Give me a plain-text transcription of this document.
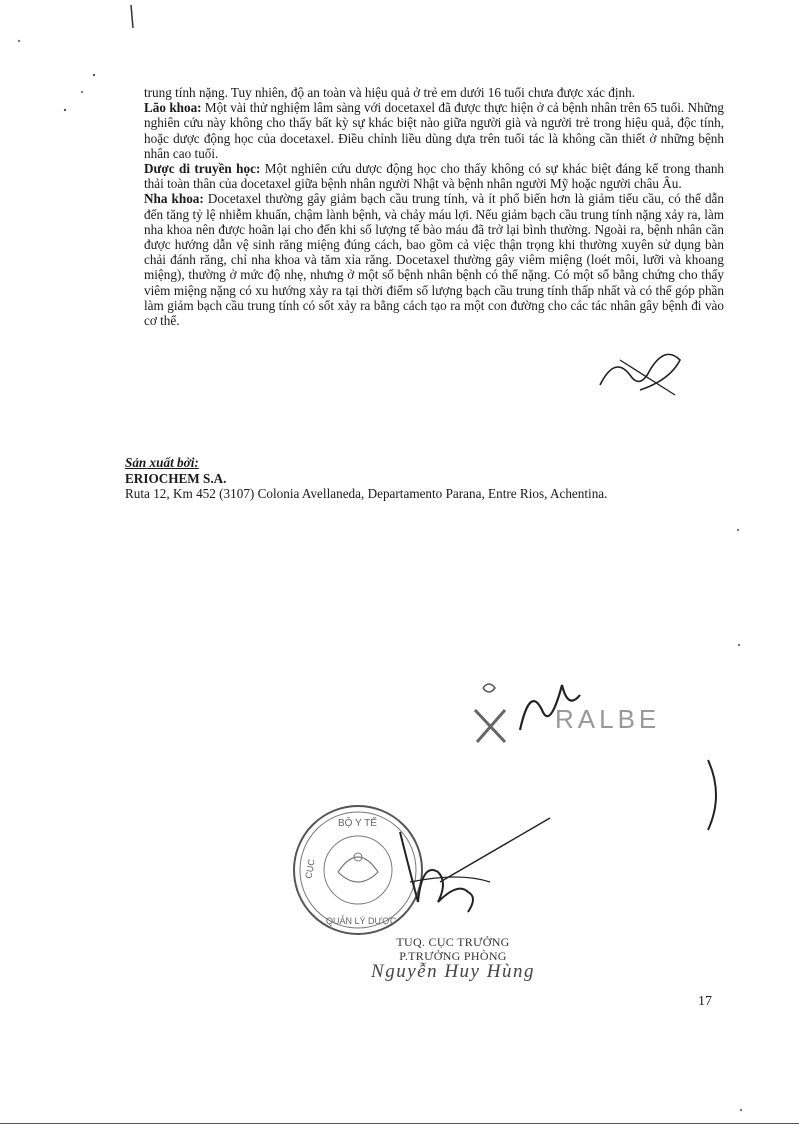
trung tính nặng. Tuy nhiên, độ an toàn và hiệu quả ở trẻ em dưới 16 tuổi chưa được xác định.

Lão khoa: Một vài thử nghiệm lâm sàng với docetaxel đã được thực hiện ở cả bệnh nhân trên 65 tuổi. Những nghiên cứu này không cho thấy bất kỳ sự khác biệt nào giữa người già và người trẻ trong hiệu quả, độc tính, hoặc dược động học của docetaxel. Điều chỉnh liều dùng dựa trên tuổi tác là không cần thiết ở những bệnh nhân cao tuổi.

Dược di truyền học: Một nghiên cứu dược động học cho thấy không có sự khác biệt đáng kể trong thanh thải toàn thân của docetaxel giữa bệnh nhân người Nhật và bệnh nhân người Mỹ hoặc người châu Âu.

Nha khoa: Docetaxel thường gây giảm bạch cầu trung tính, và ít phổ biến hơn là giảm tiểu cầu, có thể dẫn đến tăng tỷ lệ nhiễm khuẩn, chậm lành bệnh, và chảy máu lợi. Nếu giảm bạch cầu trung tính nặng xảy ra, làm nha khoa nên được hoãn lại cho đến khi số lượng tế bào máu đã trở lại bình thường. Ngoài ra, bệnh nhân cần được hướng dẫn vệ sinh răng miệng đúng cách, bao gồm cả việc thận trọng khi thường xuyên sử dụng bàn chải đánh răng, chỉ nha khoa và tăm xỉa răng. Docetaxel thường gây viêm miệng (loét môi, lưỡi và khoang miệng), thường ở mức độ nhẹ, nhưng ở một số bệnh nhân bệnh có thể nặng. Có một số bằng chứng cho thấy viêm miệng nặng có xu hướng xảy ra tại thời điểm số lượng bạch cầu trung tính thấp nhất và có thể góp phần làm giảm bạch cầu trung tính có sốt xảy ra bằng cách tạo ra một con đường cho các tác nhân gây bệnh đi vào cơ thể.

Sản xuất bởi:
ERIOCHEM S.A.
Ruta 12, Km 452 (3107) Colonia Avellaneda, Departamento Parana, Entre Rios, Achentina.
RALBE
BỘ Y TẾ
CỤC
QUẢN LÝ DƯỢC
TUQ. CỤC TRƯỞNG
P.TRƯỞNG PHÒNG
Nguyễn Huy Hùng
17
